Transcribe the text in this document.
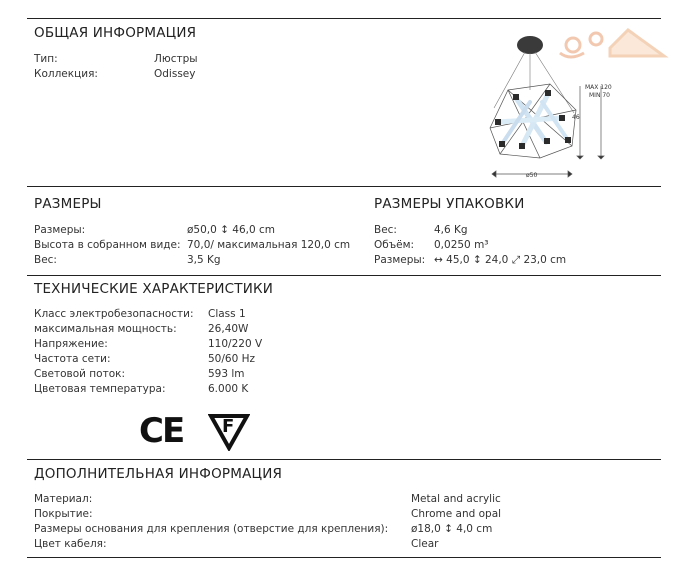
ОБЩАЯ ИНФОРМАЦИЯ
Тип:	Люстры
Коллекция:	Odissey
MAX 120
MIN 70
46
ø50
РАЗМЕРЫ
Размеры:	ø50,0 ↕ 46,0 cm
Высота в собранном виде: 70,0/ максимальная 120,0 cm
Вес:	3,5 Kg
РАЗМЕРЫ УПАКОВКИ
Вес:	4,6 Kg
Объём: 0,0250 m³
Размеры: ↔ 45,0 ↕ 24,0 ⤢ 23,0 cm
ТЕХНИЧЕСКИЕ ХАРАКТЕРИСТИКИ
Класс электробезопасности: Class 1
максимальная мощность:	26,40W
Напряжение:	110/220 V
Частота сети:	50/60 Hz
Световой поток:	593 lm
Цветовая температура:	6.000 K
CE F
ДОПОЛНИТЕЛЬНАЯ ИНФОРМАЦИЯ
Материал:	Metal and acrylic
Покрытие:	Chrome and opal
Размеры основания для крепления (отверстие для крепления): ø18,0 ↕ 4,0 cm
Цвет кабеля:	Clear
